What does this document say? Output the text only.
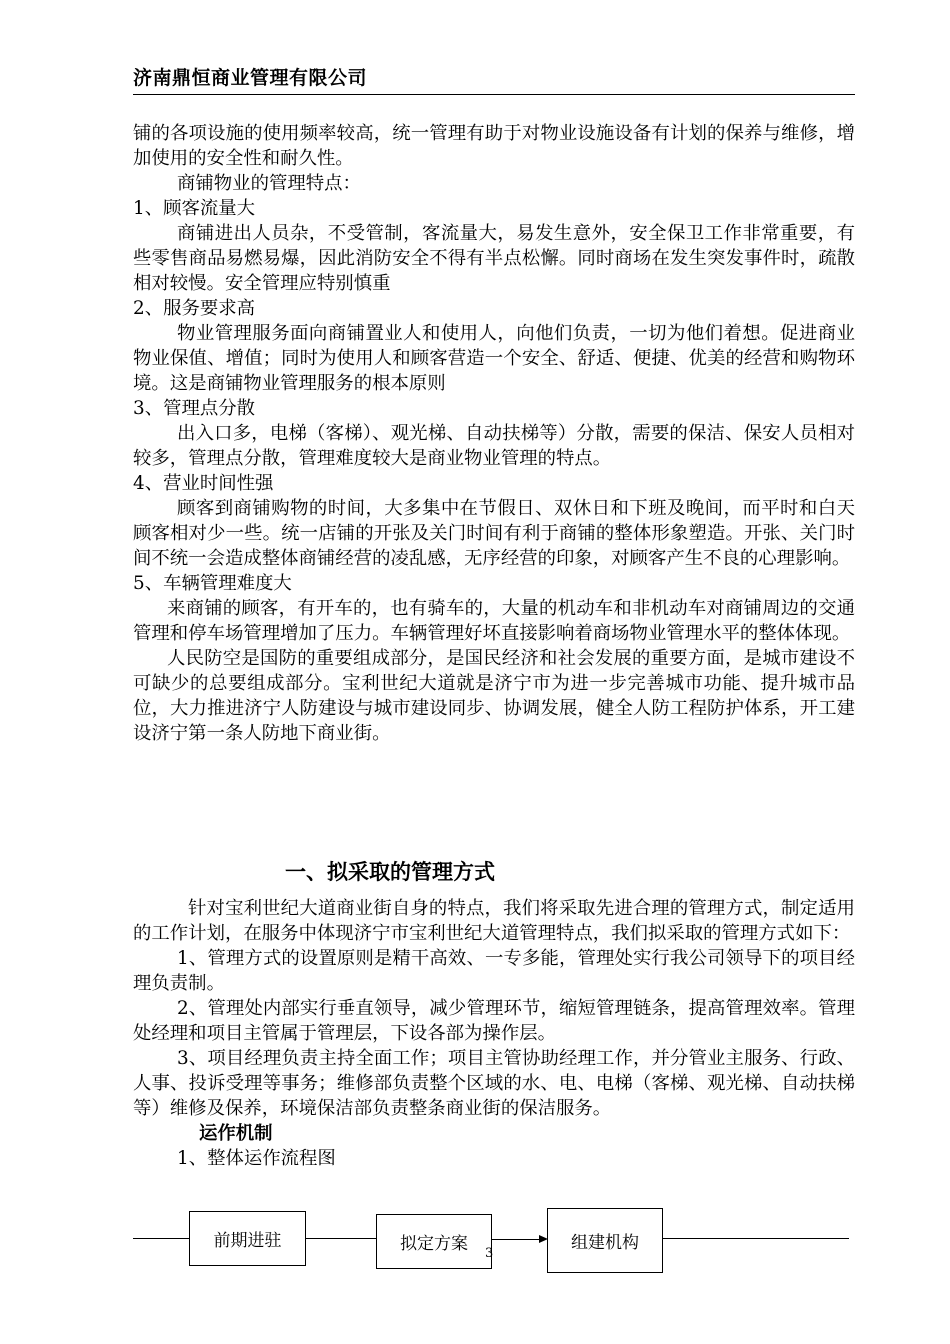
济南鼎恒商业管理有限公司

铺的各项设施的使用频率较高，统一管理有助于对物业设施设备有计划的保养与维修，增加使用的安全性和耐久性。

商铺物业的管理特点：

1、顾客流量大

商铺进出人员杂，不受管制，客流量大，易发生意外，安全保卫工作非常重要，有些零售商品易燃易爆，因此消防安全不得有半点松懈。同时商场在发生突发事件时，疏散相对较慢。安全管理应特别慎重

2、服务要求高

物业管理服务面向商铺置业人和使用人，向他们负责，一切为他们着想。促进商业物业保值、增值；同时为使用人和顾客营造一个安全、舒适、便捷、优美的经营和购物环境。这是商铺物业管理服务的根本原则

3、管理点分散

出入口多，电梯（客梯）、观光梯、自动扶梯等）分散，需要的保洁、保安人员相对较多，管理点分散，管理难度较大是商业物业管理的特点。

4、营业时间性强

顾客到商铺购物的时间，大多集中在节假日、双休日和下班及晚间，而平时和白天顾客相对少一些。统一店铺的开张及关门时间有利于商铺的整体形象塑造。开张、关门时间不统一会造成整体商铺经营的凌乱感，无序经营的印象，对顾客产生不良的心理影响。

5、车辆管理难度大

来商铺的顾客，有开车的，也有骑车的，大量的机动车和非机动车对商铺周边的交通管理和停车场管理增加了压力。车辆管理好坏直接影响着商场物业管理水平的整体体现。

人民防空是国防的重要组成部分，是国民经济和社会发展的重要方面，是城市建设不可缺少的总要组成部分。宝利世纪大道就是济宁市为进一步完善城市功能、提升城市品位，大力推进济宁人防建设与城市建设同步、协调发展，健全人防工程防护体系，开工建设济宁第一条人防地下商业街。

一、拟采取的管理方式

针对宝利世纪大道商业街自身的特点，我们将采取先进合理的管理方式，制定适用的工作计划，在服务中体现济宁市宝利世纪大道管理特点，我们拟采取的管理方式如下：

1、管理方式的设置原则是精干高效、一专多能，管理处实行我公司领导下的项目经理负责制。

2、管理处内部实行垂直领导，减少管理环节，缩短管理链条，提高管理效率。管理处经理和项目主管属于管理层，下设各部为操作层。

3、项目经理负责主持全面工作；项目主管协助经理工作，并分管业主服务、行政、人事、投诉受理等事务；维修部负责整个区域的水、电、电梯（客梯、观光梯、自动扶梯等）维修及保养，环境保洁部负责整条商业街的保洁服务。

运作机制

1、整体运作流程图

前期进驻	拟定方案	组建机构
3
